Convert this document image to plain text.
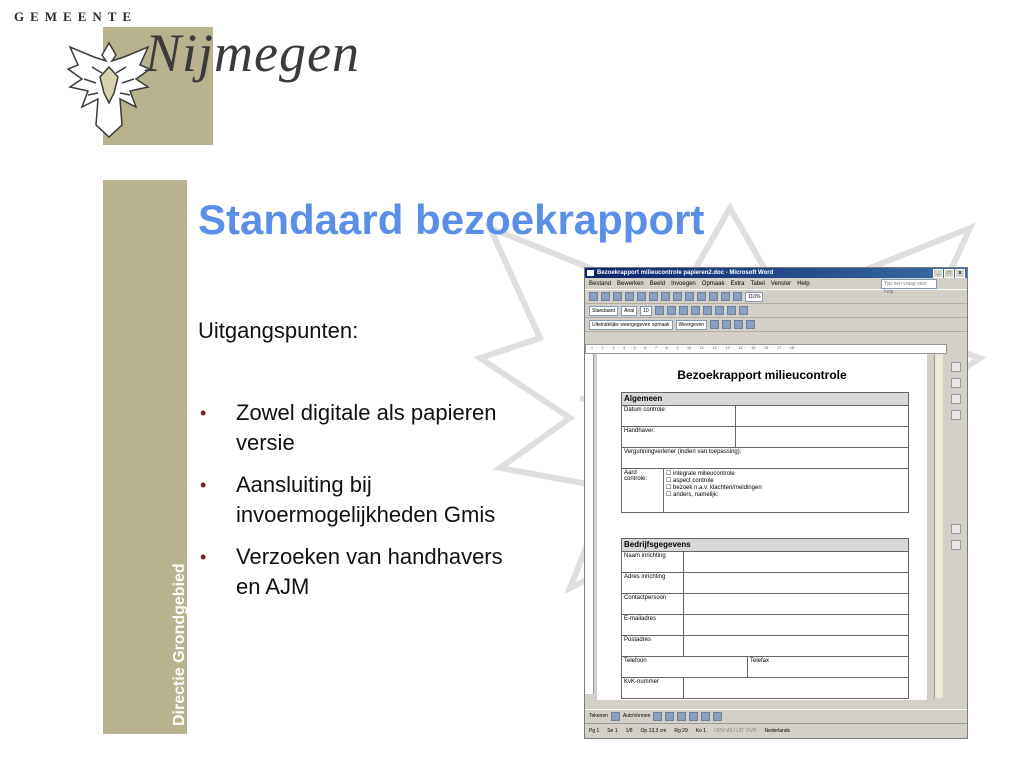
GEMEENTE
Nijmegen
Directie Grondgebied
Standaard bezoekrapport
Uitgangspunten:
• Zowel digitale als papieren versie
• Aansluiting bij invoermogelijkheden Gmis
• Verzoeken van handhavers en AJM
Bezoekrapport milieucontrole papieren2.doc - Microsoft Word	_	□	x
Bestand Bewerken Beeld Invoegen Opmaak Extra Tabel Venster Help	Typ een vraag voor hulp
110%
Standaard	Arial	10
Uiteindelijke weergegeven opmaak	Weergeven
· · 1 · · · 2 · · · 3 · · · 4 · · · 5 · · · 6 · · · 7 · · · 8 · · · 9 · · · 10 · · · 11 · · · 12 · · · 13 · · · 14 · · · 15 · · · 16 · · · 17 · · · 18 ·
Bezoekrapport milieucontrole
Algemeen		
Datum controle:		
Handhaver:		
Vergunningverlener (indien van toepassing):		
Aard controle:	☐ integrale milieucontrole
☐ aspect controle
☐ bezoek n.a.v. klachten/meldingen
☐ anders, namelijk:	
Bedrijfsgegevens		
Naam inrichting		
Adres inrichting		
Contactpersoon		
E-mailadres		
Postadres		
Telefoon		Telefax
KvK-nummer		
Tekenen	AutoVormen
Pg 1 Se 1 1/8 Op 13,3 cm Rg 29 Ko 1 OPN WIJ UIT OVR Nederlands
